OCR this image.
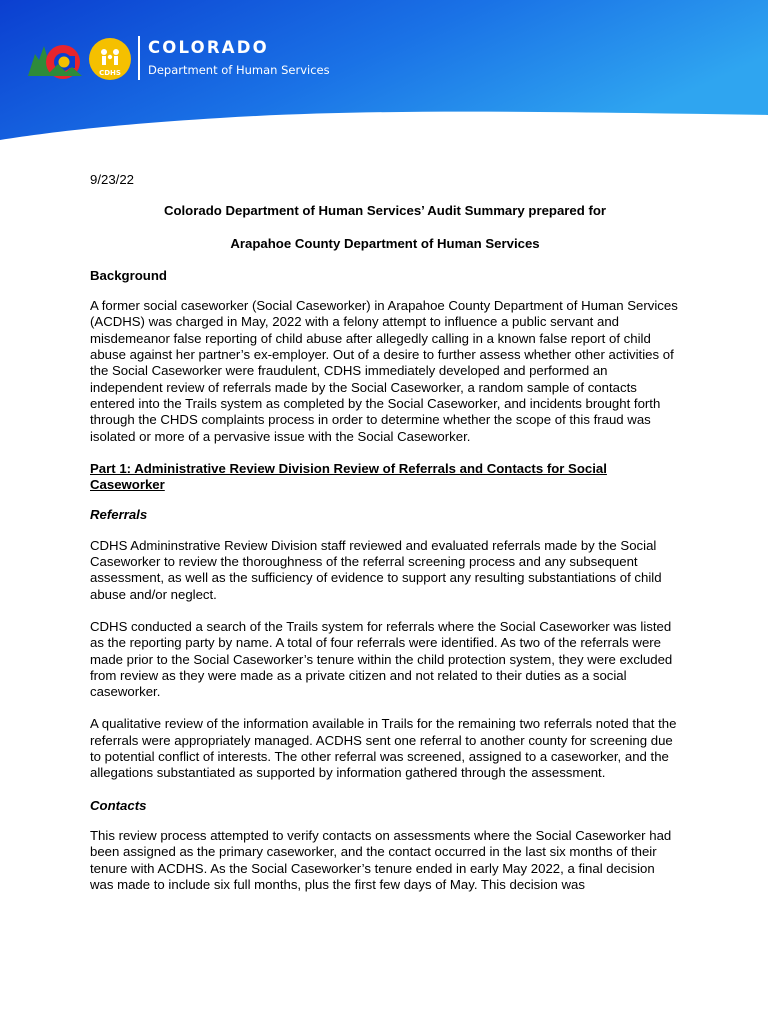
CDHS
COLORADO
Department of Human Services
9/23/22
Colorado Department of Human Services’ Audit Summary prepared for
Arapahoe County Department of Human Services
Background

A former social caseworker (Social Caseworker) in Arapahoe County Department of Human Services (ACDHS) was charged in May, 2022 with a felony attempt to influence a public servant and misdemeanor false reporting of child abuse after allegedly calling in a known false report of child abuse against her partner’s ex-employer. Out of a desire to further assess whether other activities of the Social Caseworker were fraudulent, CDHS immediately developed and performed an independent review of referrals made by the Social Caseworker, a random sample of contacts entered into the Trails system as completed by the Social Caseworker, and incidents brought forth through the CHDS complaints process in order to determine whether the scope of this fraud was isolated or more of a pervasive issue with the Social Caseworker.

Part 1: Administrative Review Division Review of Referrals and Contacts for Social Caseworker
Referrals

CDHS Admininstrative Review Division staff reviewed and evaluated referrals made by the Social Caseworker to review the thoroughness of the referral screening process and any subsequent assessment, as well as the sufficiency of evidence to support any resulting substantiations of child abuse and/or neglect.

CDHS conducted a search of the Trails system for referrals where the Social Caseworker was listed as the reporting party by name. A total of four referrals were identified. As two of the referrals were made prior to the Social Caseworker’s tenure within the child protection system, they were excluded from review as they were made as a private citizen and not related to their duties as a social caseworker.

A qualitative review of the information available in Trails for the remaining two referrals noted that the referrals were appropriately managed. ACDHS sent one referral to another county for screening due to potential conflict of interests. The other referral was screened, assigned to a caseworker, and the allegations substantiated as supported by information gathered through the assessment.

Contacts

This review process attempted to verify contacts on assessments where the Social Caseworker had been assigned as the primary caseworker, and the contact occurred in the last six months of their tenure with ACDHS. As the Social Caseworker’s tenure ended in early May 2022, a final decision was made to include six full months, plus the first few days of May. This decision was
